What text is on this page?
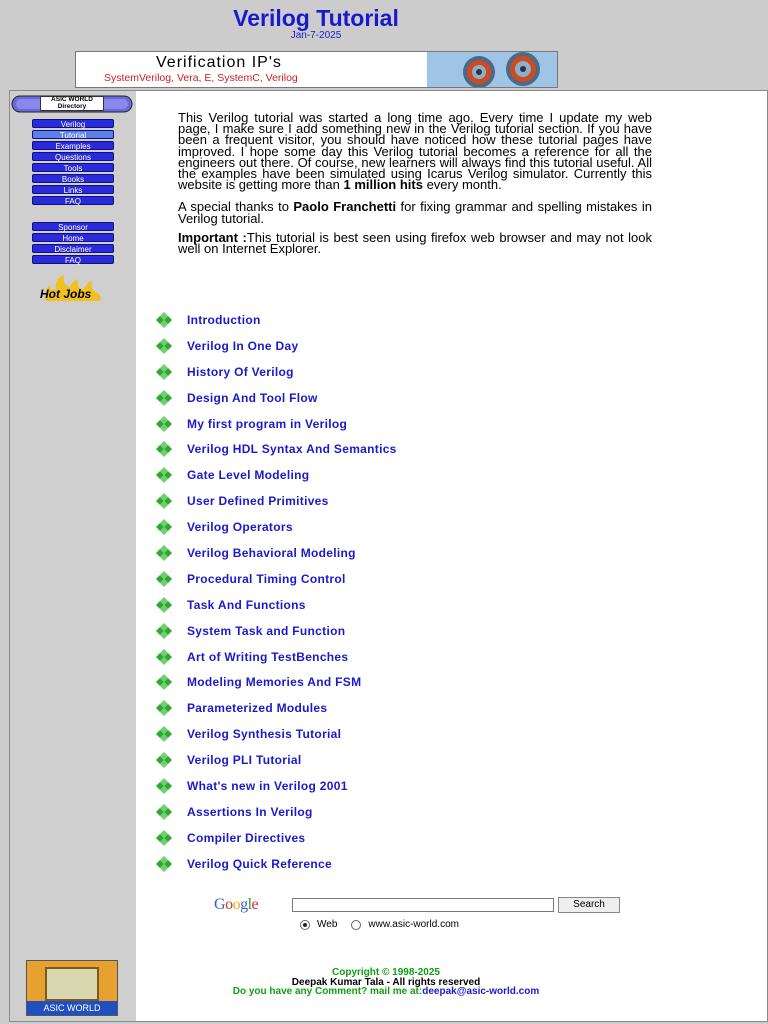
Verilog Tutorial
Jan-7-2025
Verification IP's
SystemVerilog, Vera, E, SystemC, Verilog
ASIC WORLD Directory
Verilog
Tutorial
Examples
Questions
Tools
Books
Links
FAQ
Sponsor
Home
Disclaimer
FAQ
Hot Jobs
ASIC WORLD

This Verilog tutorial was started a long time ago. Every time I update my web page, I make sure I add something new in the Verilog tutorial section. If you have been a frequent visitor, you should have noticed how these tutorial pages have improved. I hope some day this Verilog tutorial becomes a reference for all the engineers out there. Of course, new learners will always find this tutorial useful. All the examples have been simulated using Icarus Verilog simulator. Currently this website is getting more than 1 million hits every month.

A special thanks to Paolo Franchetti for fixing grammar and spelling mistakes in Verilog tutorial.

Important :This tutorial is best seen using firefox web browser and may not look well on Internet Explorer.

Introduction
Verilog In One Day
History Of Verilog
Design And Tool Flow
My first program in Verilog
Verilog HDL Syntax And Semantics
Gate Level Modeling
User Defined Primitives
Verilog Operators
Verilog Behavioral Modeling
Procedural Timing Control
Task And Functions
System Task and Function
Art of Writing TestBenches
Modeling Memories And FSM
Parameterized Modules
Verilog Synthesis Tutorial
Verilog PLI Tutorial
What's new in Verilog 2001
Assertions In Verilog
Compiler Directives
Verilog Quick Reference
Google	Search
Web	www.asic-world.com
Copyright © 1998-2025
Deepak Kumar Tala - All rights reserved
Do you have any Comment? mail me at:deepak@asic-world.com
